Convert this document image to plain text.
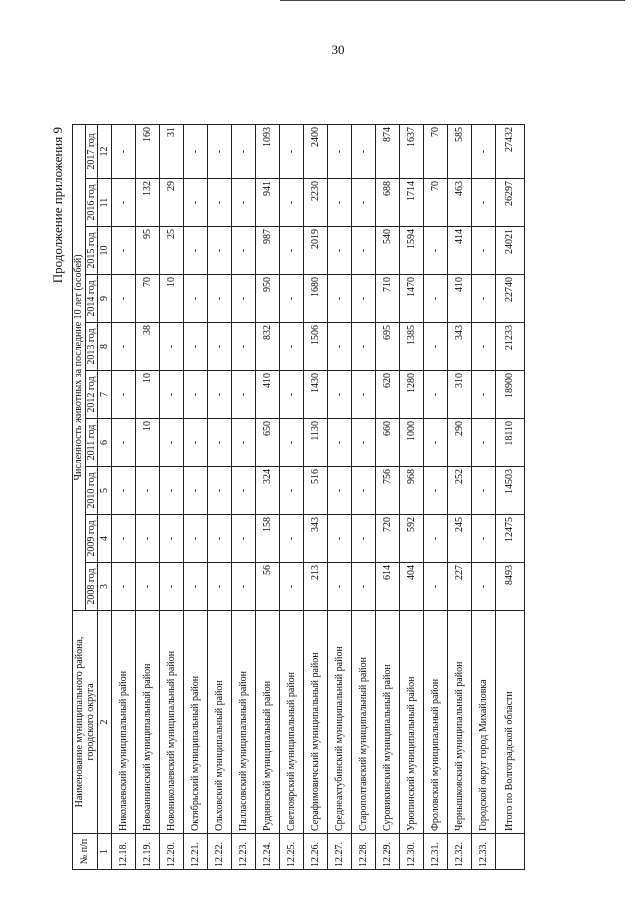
30
Продолжение приложения 9
№ п/п	Наименование муниципального района, городского округа	Численность животных за последние 10 лет (особей)									
		2008 год	2009 год	2010 год	2011 год	2012 год	2013 год	2014 год	2015 год	2016 год	2017 год
1	2	3	4	5	6	7	8	9	10	11	12
12.18.	Николаевский муниципальный район	-	-	-	-	-	-	-	-	-	-
12.19.	Новоаннинский муниципальный район	-	-	-	10	10	38	70	95	132	160
12.20.	Новониколаевский муниципальный район	-	-	-	-	-	-	10	25	29	31
12.21.	Октябрьский муниципальный район	-	-	-	-	-	-	-	-	-	-
12.22.	Ольховский муниципальный район	-	-	-	-	-	-	-	-	-	-
12.23.	Палласовский муниципальный район	-	-	-	-	-	-	-	-	-	-
12.24.	Руднянский муниципальный район	56	158	324	650	410	832	950	987	941	1093
12.25.	Светлоярский муниципальный район	-	-	-	-	-	-	-	-	-	-
12.26.	Серафимовичский муниципальный район	213	343	516	1130	1430	1506	1680	2019	2230	2400
12.27.	Среднеахтубинский муниципальный район	-	-	-	-	-	-	-	-	-	-
12.28.	Старополтавский муниципальный район	-	-	-	-	-	-	-	-	-	-
12.29.	Суровикинский муниципальный район	614	720	756	660	620	695	710	540	688	874
12.30.	Урюпинский муниципальный район	404	592	968	1000	1280	1385	1470	1594	1714	1637
12.31.	Фроловский муниципальный район	-	-	-	-	-	-	-	-	70	70
12.32.	Чернышковский муниципальный район	227	245	252	290	310	343	410	414	463	585
12.33.	Городской округ город Михайловка	-	-	-	-	-	-	-	-	-	-
	Итого по Волгоградской области	8493	12475	14503	18110	18900	21233	22740	24021	26297	27432
